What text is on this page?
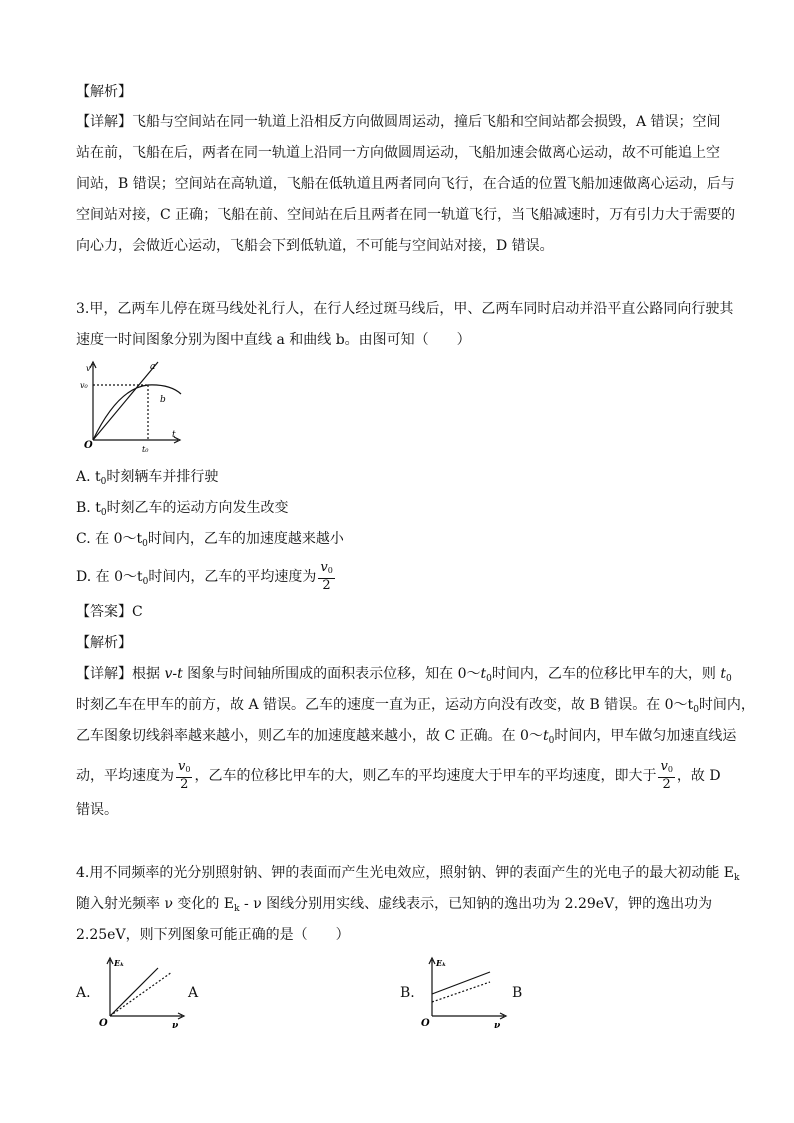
【解析】
【详解】飞船与空间站在同一轨道上沿相反方向做圆周运动，撞后飞船和空间站都会损毁，A 错误；空间
站在前，飞船在后，两者在同一轨道上沿同一方向做圆周运动，飞船加速会做离心运动，故不可能追上空
间站，B 错误；空间站在高轨道，飞船在低轨道且两者同向飞行，在合适的位置飞船加速做离心运动，后与
空间站对接，C 正确；飞船在前、空间站在后且两者在同一轨道飞行，当飞船减速时，万有引力大于需要的
向心力，会做近心运动，飞船会下到低轨道，不可能与空间站对接，D 错误。
3.甲，乙两车儿停在斑马线处礼行人，在行人经过斑马线后，甲、乙两车同时启动并沿平直公路同向行驶其
速度一时间图象分别为图中直线 a 和曲线 b。由图可知（　　）
v
v₀
a
b
O	t₀
t
A. $t_0$时刻辆车并排行驶
B. $t_0$时刻乙车的运动方向发生改变
C. 在 $0\sim t_0$时间内，乙车的加速度越来越小
D. 在 $0\sim t_0$时间内，乙车的平均速度为 $\frac{v_0}{2}$
【答案】C
【解析】
【详解】根据 v-t 图象与时间轴所围成的面积表示位移，知在 $0\sim t_0$时间内，乙车的位移比甲车的大，则 $t_0$
时刻乙车在甲车的前方，故 A 错误。乙车的速度一直为正，运动方向没有改变，故 B 错误。在 $0\sim t_0$时间内，
乙车图象切线斜率越来越小，则乙车的加速度越来越小，故 C 正确。在 $0\sim t_0$时间内，甲车做匀加速直线运
动，平均速度为 $\frac{v_0}{2}$ ，乙车的位移比甲车的大，则乙车的平均速度大于甲车的平均速度，即大于 $\frac{v_0}{2}$ ，故 D
错误。
4.用不同频率的光分别照射钠、钾的表面而产生光电效应，照射钠、钾的表面产生的光电子的最大初动能 $E_k$
随入射光频率 ν 变化的 $E_k$ - ν 图线分别用实线、虚线表示，已知钠的逸出功为 2.29eV，钾的逸出功为
2.25eV，则下列图象可能正确的是（　　）
A.
Eₖ
O	ν
A	B.
Eₖ
O	ν
B
